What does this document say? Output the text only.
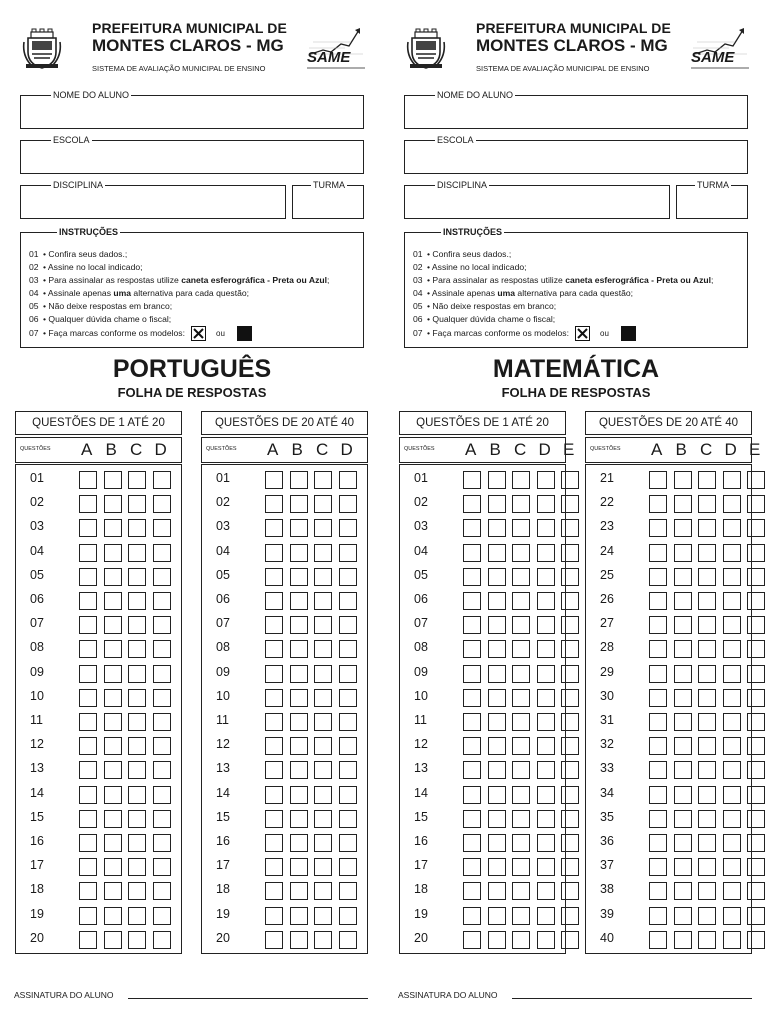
PREFEITURA MUNICIPAL DE
MONTES CLAROS - MG
SISTEMA DE AVALIAÇÃO MUNICIPAL DE ENSINO
SAME
NOME DO ALUNO
ESCOLA
DISCIPLINA	TURMA
INSTRUÇÕES
01 • Confira seus dados.;
02 • Assine no local indicado;
03 • Para assinalar as respostas utilize caneta esferográfica - Preta ou Azul;
04 • Assinale apenas uma alternativa para cada questão;
05 • Não deixe respostas em branco;
06 • Qualquer dúvida chame o fiscal;
07 • Faça marcas conforme os modelos:	ou
PORTUGUÊS
FOLHA DE RESPOSTAS
QUESTÕES DE 1 ATÉ 20
QUESTÕES A B C D
01
02
03
04
05
06
07
08
09
10
11
12
13
14
15
16
17
18
19
20
QUESTÕES DE 20 ATÉ 40
QUESTÕES A B C D
01
02
03
04
05
06
07
08
09
10
11
12
13
14
15
16
17
18
19
20
ASSINATURA DO ALUNO
PREFEITURA MUNICIPAL DE
MONTES CLAROS - MG
SISTEMA DE AVALIAÇÃO MUNICIPAL DE ENSINO
SAME
NOME DO ALUNO
ESCOLA
DISCIPLINA	TURMA
INSTRUÇÕES
01 • Confira seus dados.;
02 • Assine no local indicado;
03 • Para assinalar as respostas utilize caneta esferográfica - Preta ou Azul;
04 • Assinale apenas uma alternativa para cada questão;
05 • Não deixe respostas em branco;
06 • Qualquer dúvida chame o fiscal;
07 • Faça marcas conforme os modelos:	ou
MATEMÁTICA
FOLHA DE RESPOSTAS
QUESTÕES DE 1 ATÉ 20
QUESTÕES A B C D E
01
02
03
04
05
06
07
08
09
10
11
12
13
14
15
16
17
18
19
20
QUESTÕES DE 20 ATÉ 40
QUESTÕES A B C D E
21
22
23
24
25
26
27
28
29
30
31
32
33
34
35
36
37
38
39
40
ASSINATURA DO ALUNO
